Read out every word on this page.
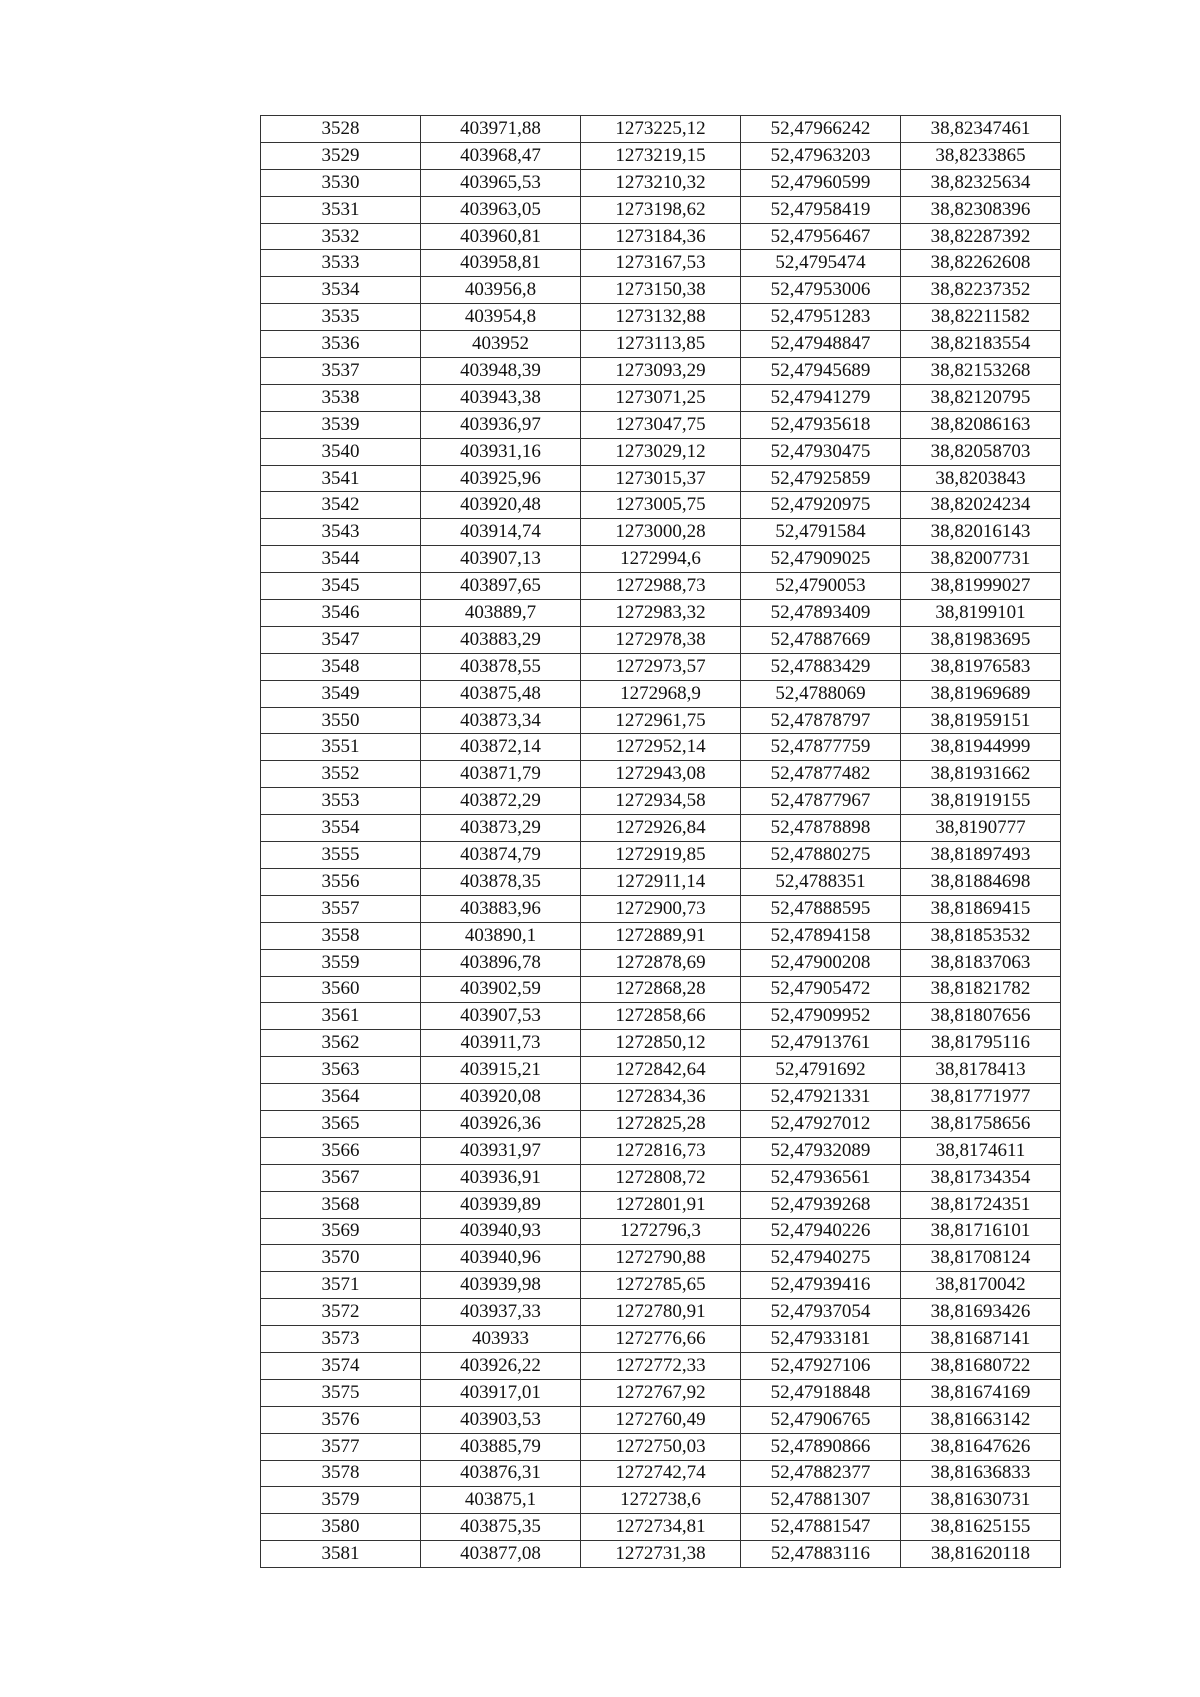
3528	403971,88	1273225,12	52,47966242	38,82347461
3529	403968,47	1273219,15	52,47963203	38,8233865
3530	403965,53	1273210,32	52,47960599	38,82325634
3531	403963,05	1273198,62	52,47958419	38,82308396
3532	403960,81	1273184,36	52,47956467	38,82287392
3533	403958,81	1273167,53	52,4795474	38,82262608
3534	403956,8	1273150,38	52,47953006	38,82237352
3535	403954,8	1273132,88	52,47951283	38,82211582
3536	403952	1273113,85	52,47948847	38,82183554
3537	403948,39	1273093,29	52,47945689	38,82153268
3538	403943,38	1273071,25	52,47941279	38,82120795
3539	403936,97	1273047,75	52,47935618	38,82086163
3540	403931,16	1273029,12	52,47930475	38,82058703
3541	403925,96	1273015,37	52,47925859	38,8203843
3542	403920,48	1273005,75	52,47920975	38,82024234
3543	403914,74	1273000,28	52,4791584	38,82016143
3544	403907,13	1272994,6	52,47909025	38,82007731
3545	403897,65	1272988,73	52,4790053	38,81999027
3546	403889,7	1272983,32	52,47893409	38,8199101
3547	403883,29	1272978,38	52,47887669	38,81983695
3548	403878,55	1272973,57	52,47883429	38,81976583
3549	403875,48	1272968,9	52,4788069	38,81969689
3550	403873,34	1272961,75	52,47878797	38,81959151
3551	403872,14	1272952,14	52,47877759	38,81944999
3552	403871,79	1272943,08	52,47877482	38,81931662
3553	403872,29	1272934,58	52,47877967	38,81919155
3554	403873,29	1272926,84	52,47878898	38,8190777
3555	403874,79	1272919,85	52,47880275	38,81897493
3556	403878,35	1272911,14	52,4788351	38,81884698
3557	403883,96	1272900,73	52,47888595	38,81869415
3558	403890,1	1272889,91	52,47894158	38,81853532
3559	403896,78	1272878,69	52,47900208	38,81837063
3560	403902,59	1272868,28	52,47905472	38,81821782
3561	403907,53	1272858,66	52,47909952	38,81807656
3562	403911,73	1272850,12	52,47913761	38,81795116
3563	403915,21	1272842,64	52,4791692	38,8178413
3564	403920,08	1272834,36	52,47921331	38,81771977
3565	403926,36	1272825,28	52,47927012	38,81758656
3566	403931,97	1272816,73	52,47932089	38,8174611
3567	403936,91	1272808,72	52,47936561	38,81734354
3568	403939,89	1272801,91	52,47939268	38,81724351
3569	403940,93	1272796,3	52,47940226	38,81716101
3570	403940,96	1272790,88	52,47940275	38,81708124
3571	403939,98	1272785,65	52,47939416	38,8170042
3572	403937,33	1272780,91	52,47937054	38,81693426
3573	403933	1272776,66	52,47933181	38,81687141
3574	403926,22	1272772,33	52,47927106	38,81680722
3575	403917,01	1272767,92	52,47918848	38,81674169
3576	403903,53	1272760,49	52,47906765	38,81663142
3577	403885,79	1272750,03	52,47890866	38,81647626
3578	403876,31	1272742,74	52,47882377	38,81636833
3579	403875,1	1272738,6	52,47881307	38,81630731
3580	403875,35	1272734,81	52,47881547	38,81625155
3581	403877,08	1272731,38	52,47883116	38,81620118
